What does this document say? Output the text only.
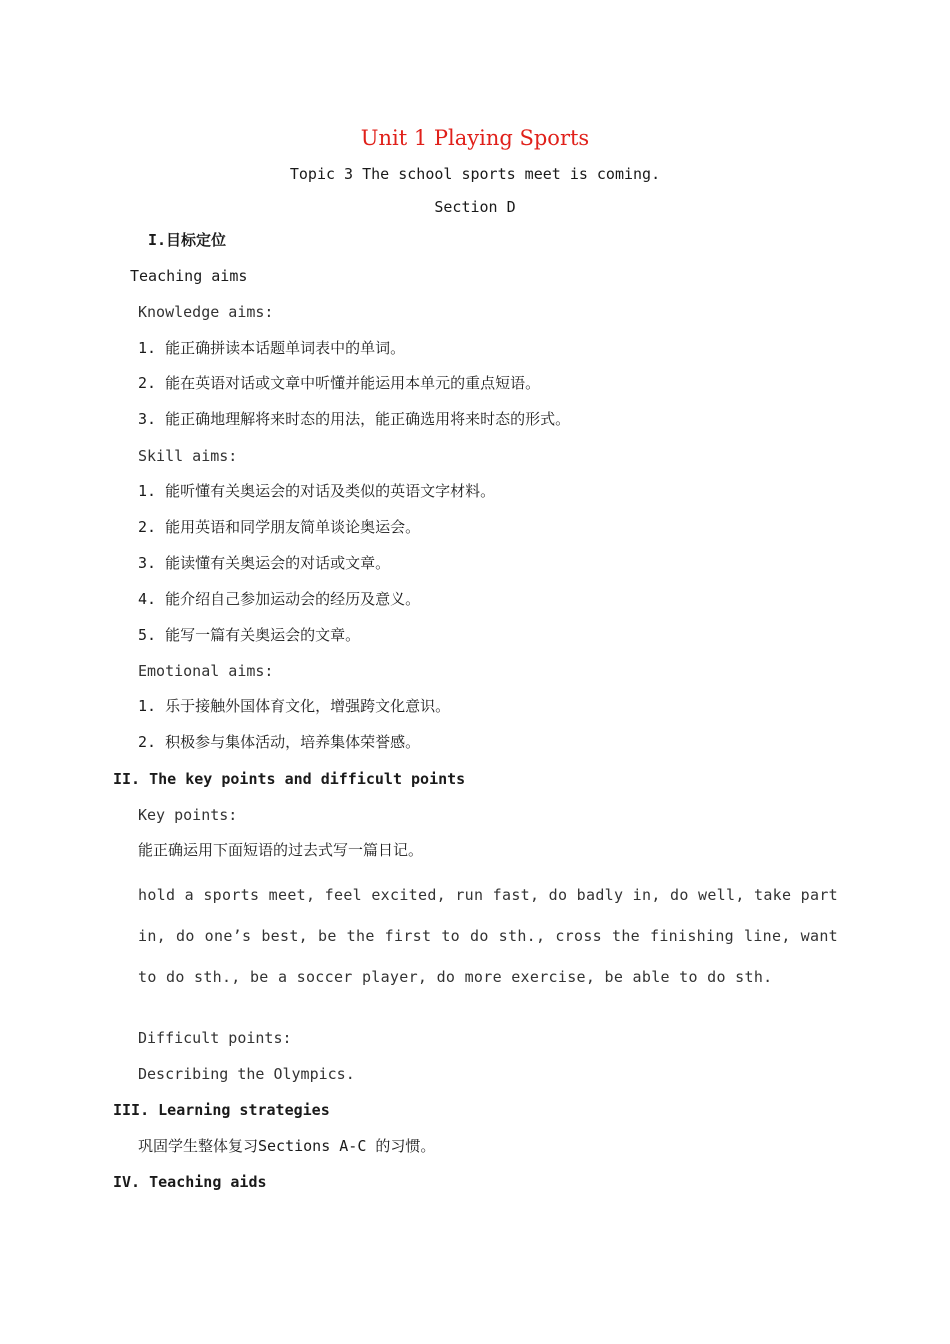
Unit 1 Playing Sports
Topic 3 The school sports meet is coming.
Section D
I.目标定位
Teaching aims
Knowledge aims:
1. 能正确拼读本话题单词表中的单词。
2. 能在英语对话或文章中听懂并能运用本单元的重点短语。
3. 能正确地理解将来时态的用法，能正确选用将来时态的形式。
Skill aims:
1. 能听懂有关奥运会的对话及类似的英语文字材料。
2. 能用英语和同学朋友简单谈论奥运会。
3. 能读懂有关奥运会的对话或文章。
4. 能介绍自己参加运动会的经历及意义。
5. 能写一篇有关奥运会的文章。
Emotional aims:
1. 乐于接触外国体育文化，增强跨文化意识。
2. 积极参与集体活动，培养集体荣誉感。
II. The key points and difficult points
Key points:
能正确运用下面短语的过去式写一篇日记。
hold a sports meet, feel excited, run fast, do badly in, do well, take part in, do one’s best, be the first to do sth., cross the finishing line, want to do sth., be a soccer player, do more exercise, be able to do sth.
Difficult points:
Describing the Olympics.
III. Learning strategies
巩固学生整体复习Sections A-C 的习惯。
IV. Teaching aids
